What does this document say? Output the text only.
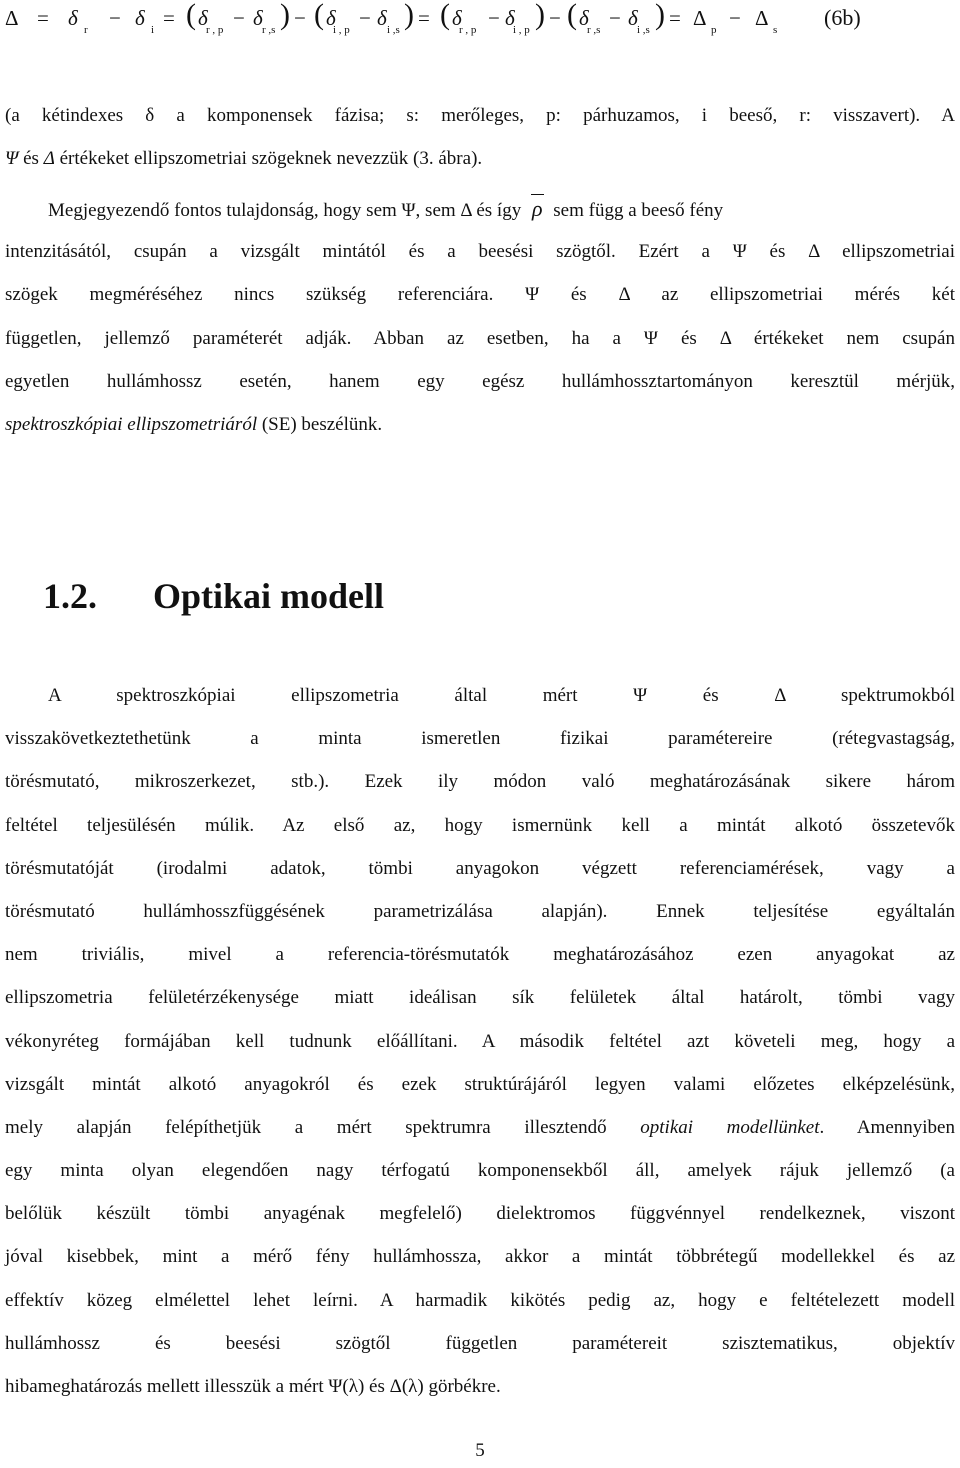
Δ = δ r − δ i = ( δ
r , p − δ r ,s ) − ( δ
i , p − δ i ,s ) = ( δ
r , p − δ
i , p ) − ( δ
r ,s − δ i ,s ) = Δ p − Δ s (6b)
(a kétindexes δ a komponensek fázisa; s: merőleges, p: párhuzamos, i beeső, r: visszavert). A
Ψ és Δ értékeket ellipszometriai szögeknek nevezzük (3. ábra).
Megjegyezendő fontos tulajdonság, hogy sem Ψ, sem Δ és így ρ sem függ a beeső fény
intenzitásától, csupán a vizsgált mintától és a beesési szögtől. Ezért a Ψ és Δ ellipszometriai
szögek megméréséhez nincs szükség referenciára. Ψ és Δ az ellipszometriai mérés két
független, jellemző paraméterét adják. Abban az esetben, ha a Ψ és Δ értékeket nem csupán
egyetlen hullámhossz esetén, hanem egy egész hullámhossztartományon keresztül mérjük,
spektroszkópiai ellipszometriáról (SE) beszélünk.
1.2. Optikai modell
A spektroszkópiai ellipszometria által mért Ψ és Δ spektrumokból
visszakövetkeztethetünk a minta ismeretlen fizikai paramétereire (rétegvastagság,
törésmutató, mikroszerkezet, stb.). Ezek ily módon való meghatározásának sikere három
feltétel teljesülésén múlik. Az első az, hogy ismernünk kell a mintát alkotó összetevők
törésmutatóját (irodalmi adatok, tömbi anyagokon végzett referenciamérések, vagy a
törésmutató hullámhosszfüggésének parametrizálása alapján). Ennek teljesítése egyáltalán
nem triviális, mivel a referencia-törésmutatók meghatározásához ezen anyagokat az
ellipszometria felületérzékenysége miatt ideálisan sík felületek által határolt, tömbi vagy
vékonyréteg formájában kell tudnunk előállítani. A második feltétel azt követeli meg, hogy a
vizsgált mintát alkotó anyagokról és ezek struktúrájáról legyen valami előzetes elképzelésünk,
mely alapján felépíthetjük a mért spektrumra illesztendő optikai modellünket. Amennyiben
egy minta olyan elegendően nagy térfogatú komponensekből áll, amelyek rájuk jellemző (a
belőlük készült tömbi anyagénak megfelelő) dielektromos függvénnyel rendelkeznek, viszont
jóval kisebbek, mint a mérő fény hullámhossza, akkor a mintát többrétegű modellekkel és az
effektív közeg elmélettel lehet leírni. A harmadik kikötés pedig az, hogy e feltételezett modell
hullámhossz és beesési szögtől független paramétereit szisztematikus, objektív
hibameghatározás mellett illesszük a mért Ψ(λ) és Δ(λ) görbékre.
5
